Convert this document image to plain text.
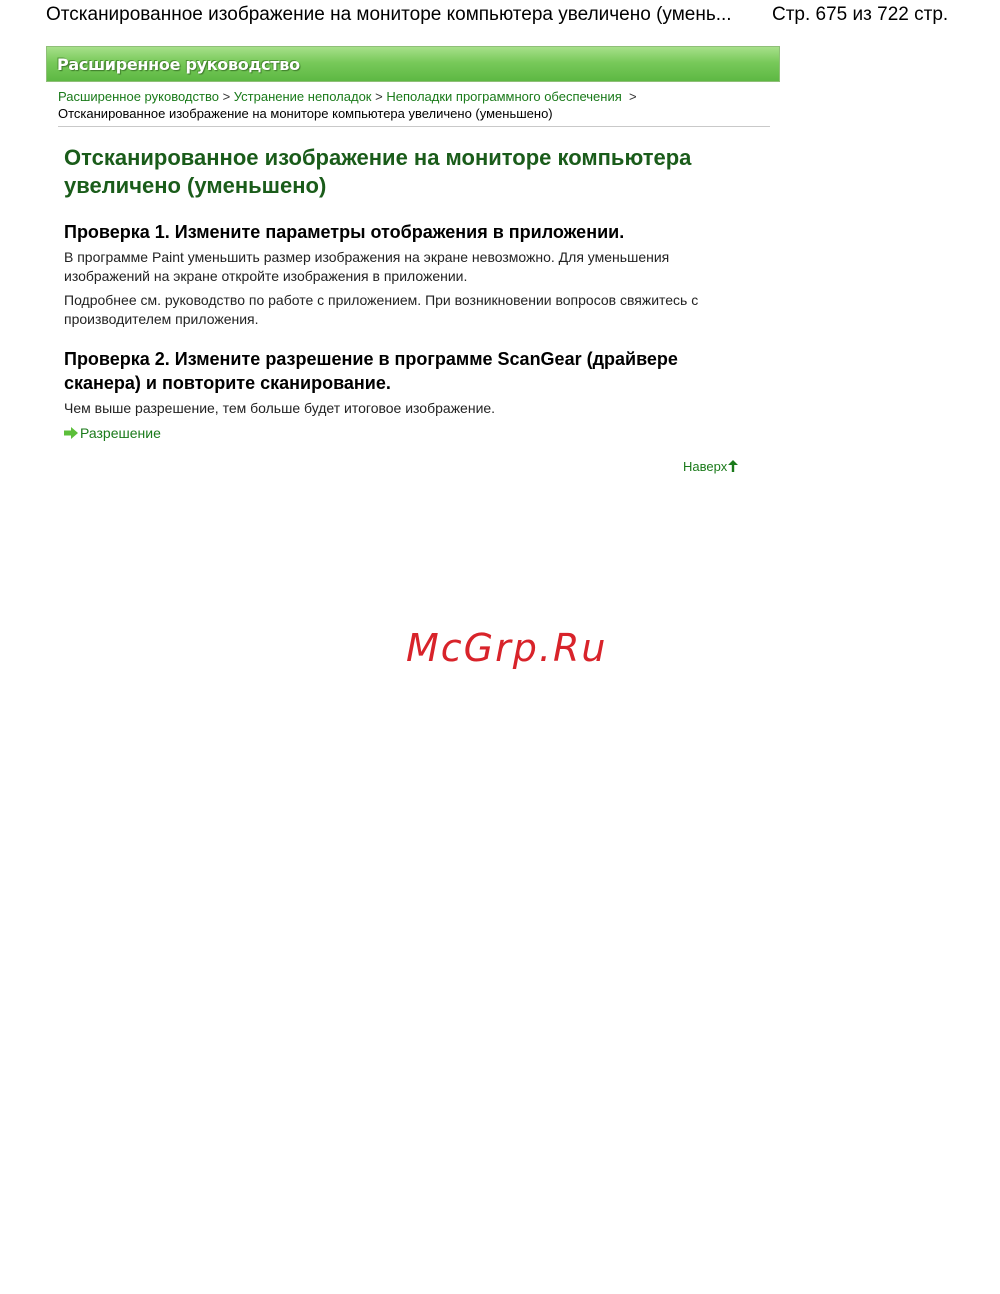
Отсканированное изображение на мониторе компьютера увеличено (умень... Стр. 675 из 722 стр.
Расширенное руководство
Расширенное руководство > Устранение неполадок > Неполадки программного обеспечения >
Отсканированное изображение на мониторе компьютера увеличено (уменьшено)
Отсканированное изображение на мониторе компьютера увеличено (уменьшено)
Проверка 1. Измените параметры отображения в приложении.

В программе Paint уменьшить размер изображения на экране невозможно. Для уменьшения изображений на экране откройте изображения в приложении.

Подробнее см. руководство по работе с приложением. При возникновении вопросов свяжитесь с производителем приложения.

Проверка 2. Измените разрешение в программе ScanGear (драйвере сканера) и повторите сканирование.

Чем выше разрешение, тем больше будет итоговое изображение.

Разрешение
Наверх
McGrp.Ru
